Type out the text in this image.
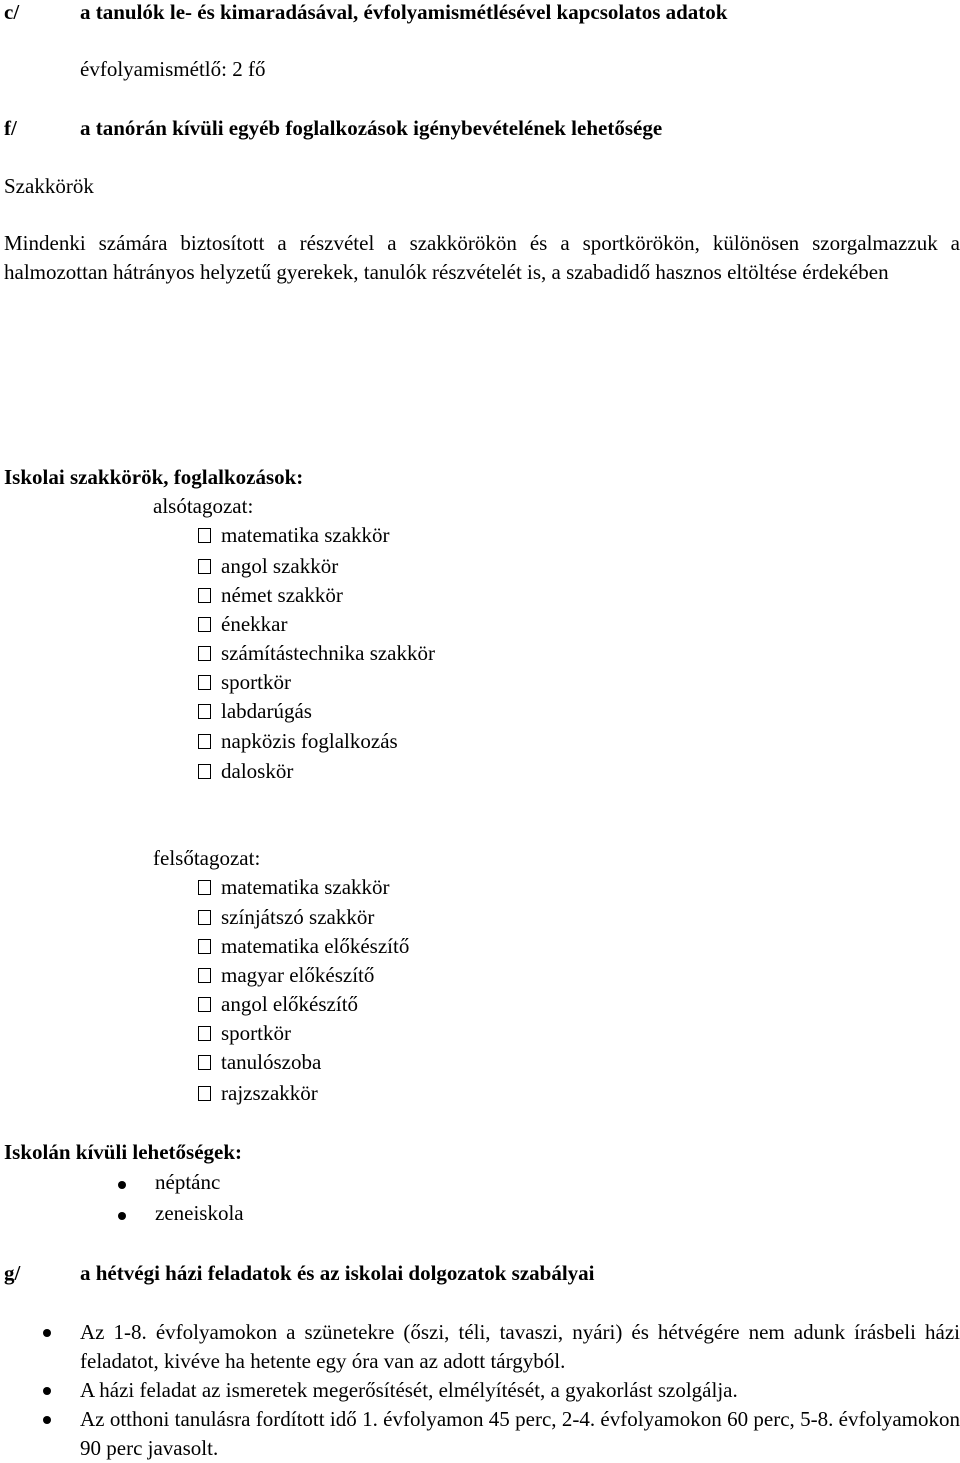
c/	a tanulók le- és kimaradásával, évfolyamismétlésével kapcsolatos adatok
évfolyamismétlő: 2 fő
f/	a tanórán kívüli egyéb foglalkozások igénybevételének lehetősége
Szakkörök
Mindenki számára biztosított a részvétel a szakkörökön és a sportkörökön, különösen szorgalmazzuk a halmozottan hátrányos helyzetű gyerekek, tanulók részvételét is, a szabadidő hasznos eltöltése érdekében
Iskolai szakkörök, foglalkozások:
alsótagozat:
matematika szakkör
angol szakkör
német szakkör
énekkar
számítástechnika szakkör
sportkör
labdarúgás
napközis foglalkozás
daloskör
felsőtagozat:
matematika szakkör
színjátszó szakkör
matematika előkészítő
magyar előkészítő
angol előkészítő
sportkör
tanulószoba
rajzszakkör
Iskolán kívüli lehetőségek:
néptánc
zeneiskola
g/	a hétvégi házi feladatok és az iskolai dolgozatok szabályai
Az 1-8. évfolyamokon a szünetekre (őszi, téli, tavaszi, nyári) és hétvégére nem adunk írásbeli házi feladatot, kivéve ha hetente egy óra van az adott tárgyból.
A házi feladat az ismeretek megerősítését, elmélyítését, a gyakorlást szolgálja.
Az otthoni tanulásra fordított idő 1. évfolyamon 45 perc, 2-4. évfolyamokon 60 perc, 5-8. évfolyamokon 90 perc javasolt.
